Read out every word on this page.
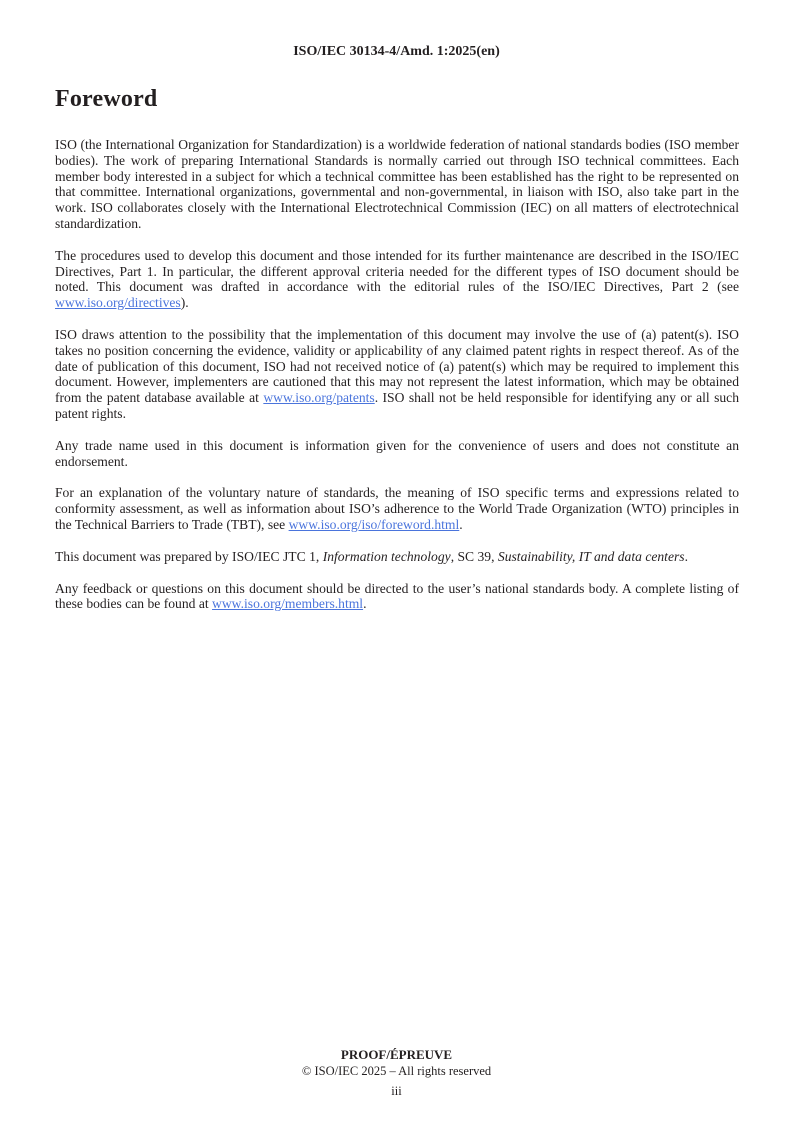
ISO/IEC 30134-4/Amd. 1:2025(en)
Foreword

ISO (the International Organization for Standardization) is a worldwide federation of national standards bodies (ISO member bodies). The work of preparing International Standards is normally carried out through ISO technical committees. Each member body interested in a subject for which a technical committee has been established has the right to be represented on that committee. International organizations, governmental and non-governmental, in liaison with ISO, also take part in the work. ISO collaborates closely with the International Electrotechnical Commission (IEC) on all matters of electrotechnical standardization.

The procedures used to develop this document and those intended for its further maintenance are described in the ISO/IEC Directives, Part 1. In particular, the different approval criteria needed for the different types of ISO document should be noted. This document was drafted in accordance with the editorial rules of the ISO/IEC Directives, Part 2 (see www.iso.org/directives).

ISO draws attention to the possibility that the implementation of this document may involve the use of (a) patent(s). ISO takes no position concerning the evidence, validity or applicability of any claimed patent rights in respect thereof. As of the date of publication of this document, ISO had not received notice of (a) patent(s) which may be required to implement this document. However, implementers are cautioned that this may not represent the latest information, which may be obtained from the patent database available at www.iso.org/patents. ISO shall not be held responsible for identifying any or all such patent rights.

Any trade name used in this document is information given for the convenience of users and does not constitute an endorsement.

For an explanation of the voluntary nature of standards, the meaning of ISO specific terms and expressions related to conformity assessment, as well as information about ISO’s adherence to the World Trade Organization (WTO) principles in the Technical Barriers to Trade (TBT), see www.iso.org/iso/foreword.html.

This document was prepared by ISO/IEC JTC 1, Information technology, SC 39, Sustainability, IT and data centers.

Any feedback or questions on this document should be directed to the user’s national standards body. A complete listing of these bodies can be found at www.iso.org/members.html.

PROOF/ÉPREUVE
© ISO/IEC 2025 – All rights reserved
iii
